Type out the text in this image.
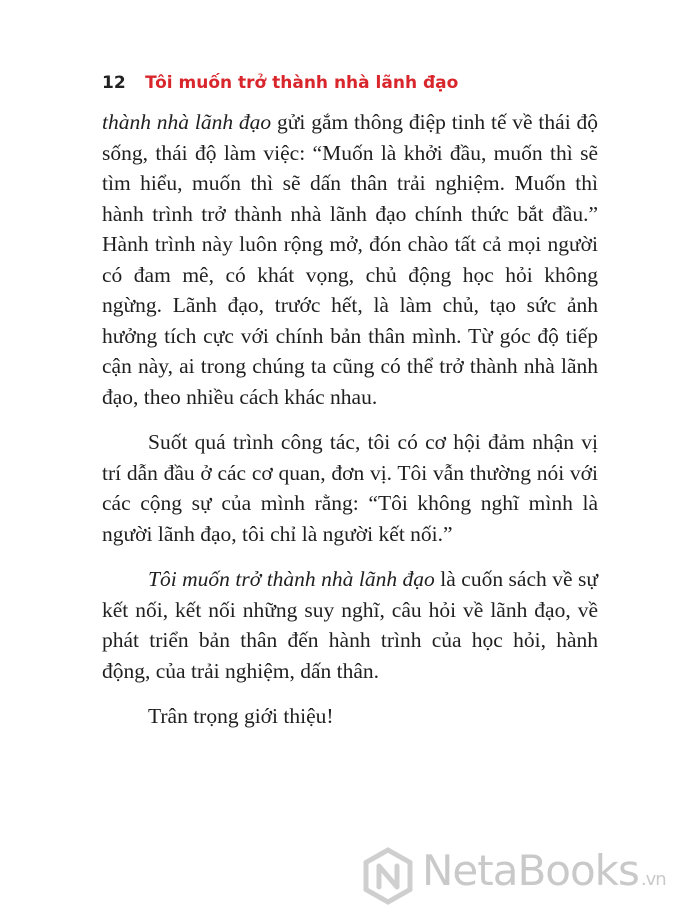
12 Tôi muốn trở thành nhà lãnh đạo

thành nhà lãnh đạo gửi gắm thông điệp tinh tế về thái độ sống, thái độ làm việc: “Muốn là khởi đầu, muốn thì sẽ tìm hiểu, muốn thì sẽ dấn thân trải nghiệm. Muốn thì hành trình trở thành nhà lãnh đạo chính thức bắt đầu.” Hành trình này luôn rộng mở, đón chào tất cả mọi người có đam mê, có khát vọng, chủ động học hỏi không ngừng. Lãnh đạo, trước hết, là làm chủ, tạo sức ảnh hưởng tích cực với chính bản thân mình. Từ góc độ tiếp cận này, ai trong chúng ta cũng có thể trở thành nhà lãnh đạo, theo nhiều cách khác nhau.

Suốt quá trình công tác, tôi có cơ hội đảm nhận vị trí dẫn đầu ở các cơ quan, đơn vị. Tôi vẫn thường nói với các cộng sự của mình rằng: “Tôi không nghĩ mình là người lãnh đạo, tôi chỉ là người kết nối.”

Tôi muốn trở thành nhà lãnh đạo là cuốn sách về sự kết nối, kết nối những suy nghĩ, câu hỏi về lãnh đạo, về phát triển bản thân đến hành trình của học hỏi, hành động, của trải nghiệm, dấn thân.

Trân trọng giới thiệu!

NetaBooks .vn
